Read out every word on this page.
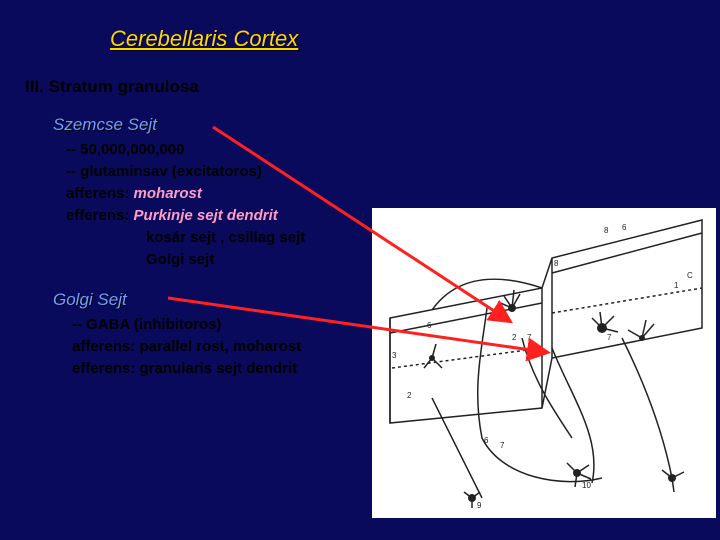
Cerebellaris Cortex
III. Stratum granulosa
Szemcse Sejt
-- 50,000,000,000
-- glutaminsav (excitatoros)
afferens: moharost
efferens: Purkinje sejt dendrit
kosár sejt , csillag sejt
Golgi sejt
Golgi Sejt
-- GABA (inhibitoros)
afferens: parallel rost, moharost
efferens: granularis sejt dendrit
8 6
8
C
1
6
2 7	7
3
2
6
7
10
9
